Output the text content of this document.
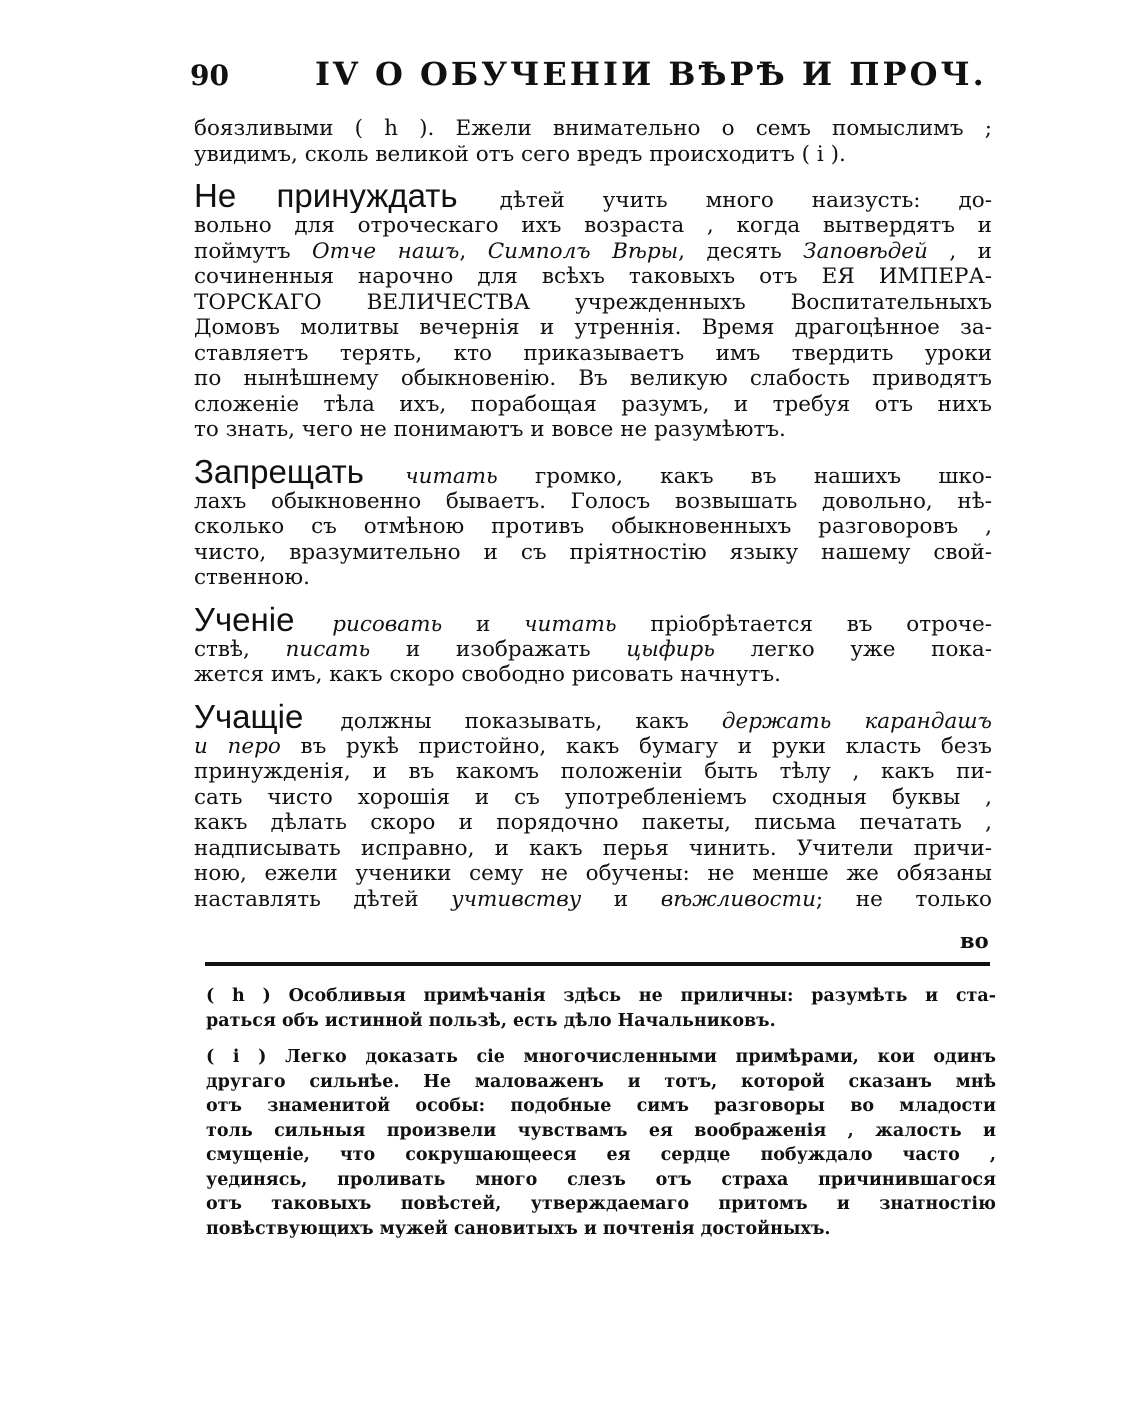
90	IV О ОБУЧЕНІИ ВѢРѢ И ПРОЧ.
боязливыми ( h ). Ежели внимательно о семъ помыслимъ ;
увидимъ, сколь великой отъ сего вредъ происходитъ ( i ).
Не принуждать дѣтей учить много наизусть: до-
вольно для отроческаго ихъ возраста , когда вытвердятъ и
поймутъ Отче нашъ, Симполъ Вѣры, десять Заповѣдей , и
сочиненныя нарочно для всѣхъ таковыхъ отъ ЕЯ ИМПЕРА-
ТОРСКАГО ВЕЛИЧЕСТВА учрежденныхъ Воспитательныхъ
Домовъ молитвы вечернія и утреннія. Время драгоцѣнное за-
ставляетъ терять, кто приказываетъ имъ твердить уроки
по нынѣшнему обыкновенію. Въ великую слабость приводятъ
сложеніе тѣла ихъ, порабощая разумъ, и требуя отъ нихъ
то знать, чего не понимаютъ и вовсе не разумѣютъ.
Запрещать читать громко, какъ въ нашихъ шко-
лахъ обыкновенно бываетъ. Голосъ возвышать довольно, нѣ-
сколько съ отмѣною противъ обыкновенныхъ разговоровъ ,
чисто, вразумительно и съ пріятностію языку нашему свой-
ственною.
Ученіе рисовать и читать пріобрѣтается въ отроче-
ствѣ, писать и изображать цыфирь легко уже пока-
жется имъ, какъ скоро свободно рисовать начнутъ.
Учащіе должны показывать, какъ держать карандашъ
и перо въ рукѣ пристойно, какъ бумагу и руки класть безъ
принужденія, и въ какомъ положеніи быть тѣлу , какъ пи-
сать чисто хорошія и съ употребленіемъ сходныя буквы ,
какъ дѣлать скоро и порядочно пакеты, письма печатать ,
надписывать исправно, и какъ перья чинить. Учители причи-
ною, ежели ученики сему не обучены: не менше же обязаны
наставлять дѣтей учтивству и вѣжливости; не только
во
( h ) Особливыя примѣчанія здѣсь не приличны: разумѣть и ста-
раться объ истинной пользѣ, есть дѣло Начальниковъ.
( i ) Легко доказать сіе многочисленными примѣрами, кои одинъ
другаго сильнѣе. Не маловаженъ и тотъ, которой сказанъ мнѣ
отъ знаменитой особы: подобные симъ разговоры во младости
толь сильныя произвели чувствамъ ея воображенія , жалость и
смущеніе, что сокрушающееся ея сердце побуждало часто ,
уединясь, проливать много слезъ отъ страха причинившагося
отъ таковыхъ повѣстей, утверждаемаго притомъ и знатностію
повѣствующихъ мужей сановитыхъ и почтенія достойныхъ.
